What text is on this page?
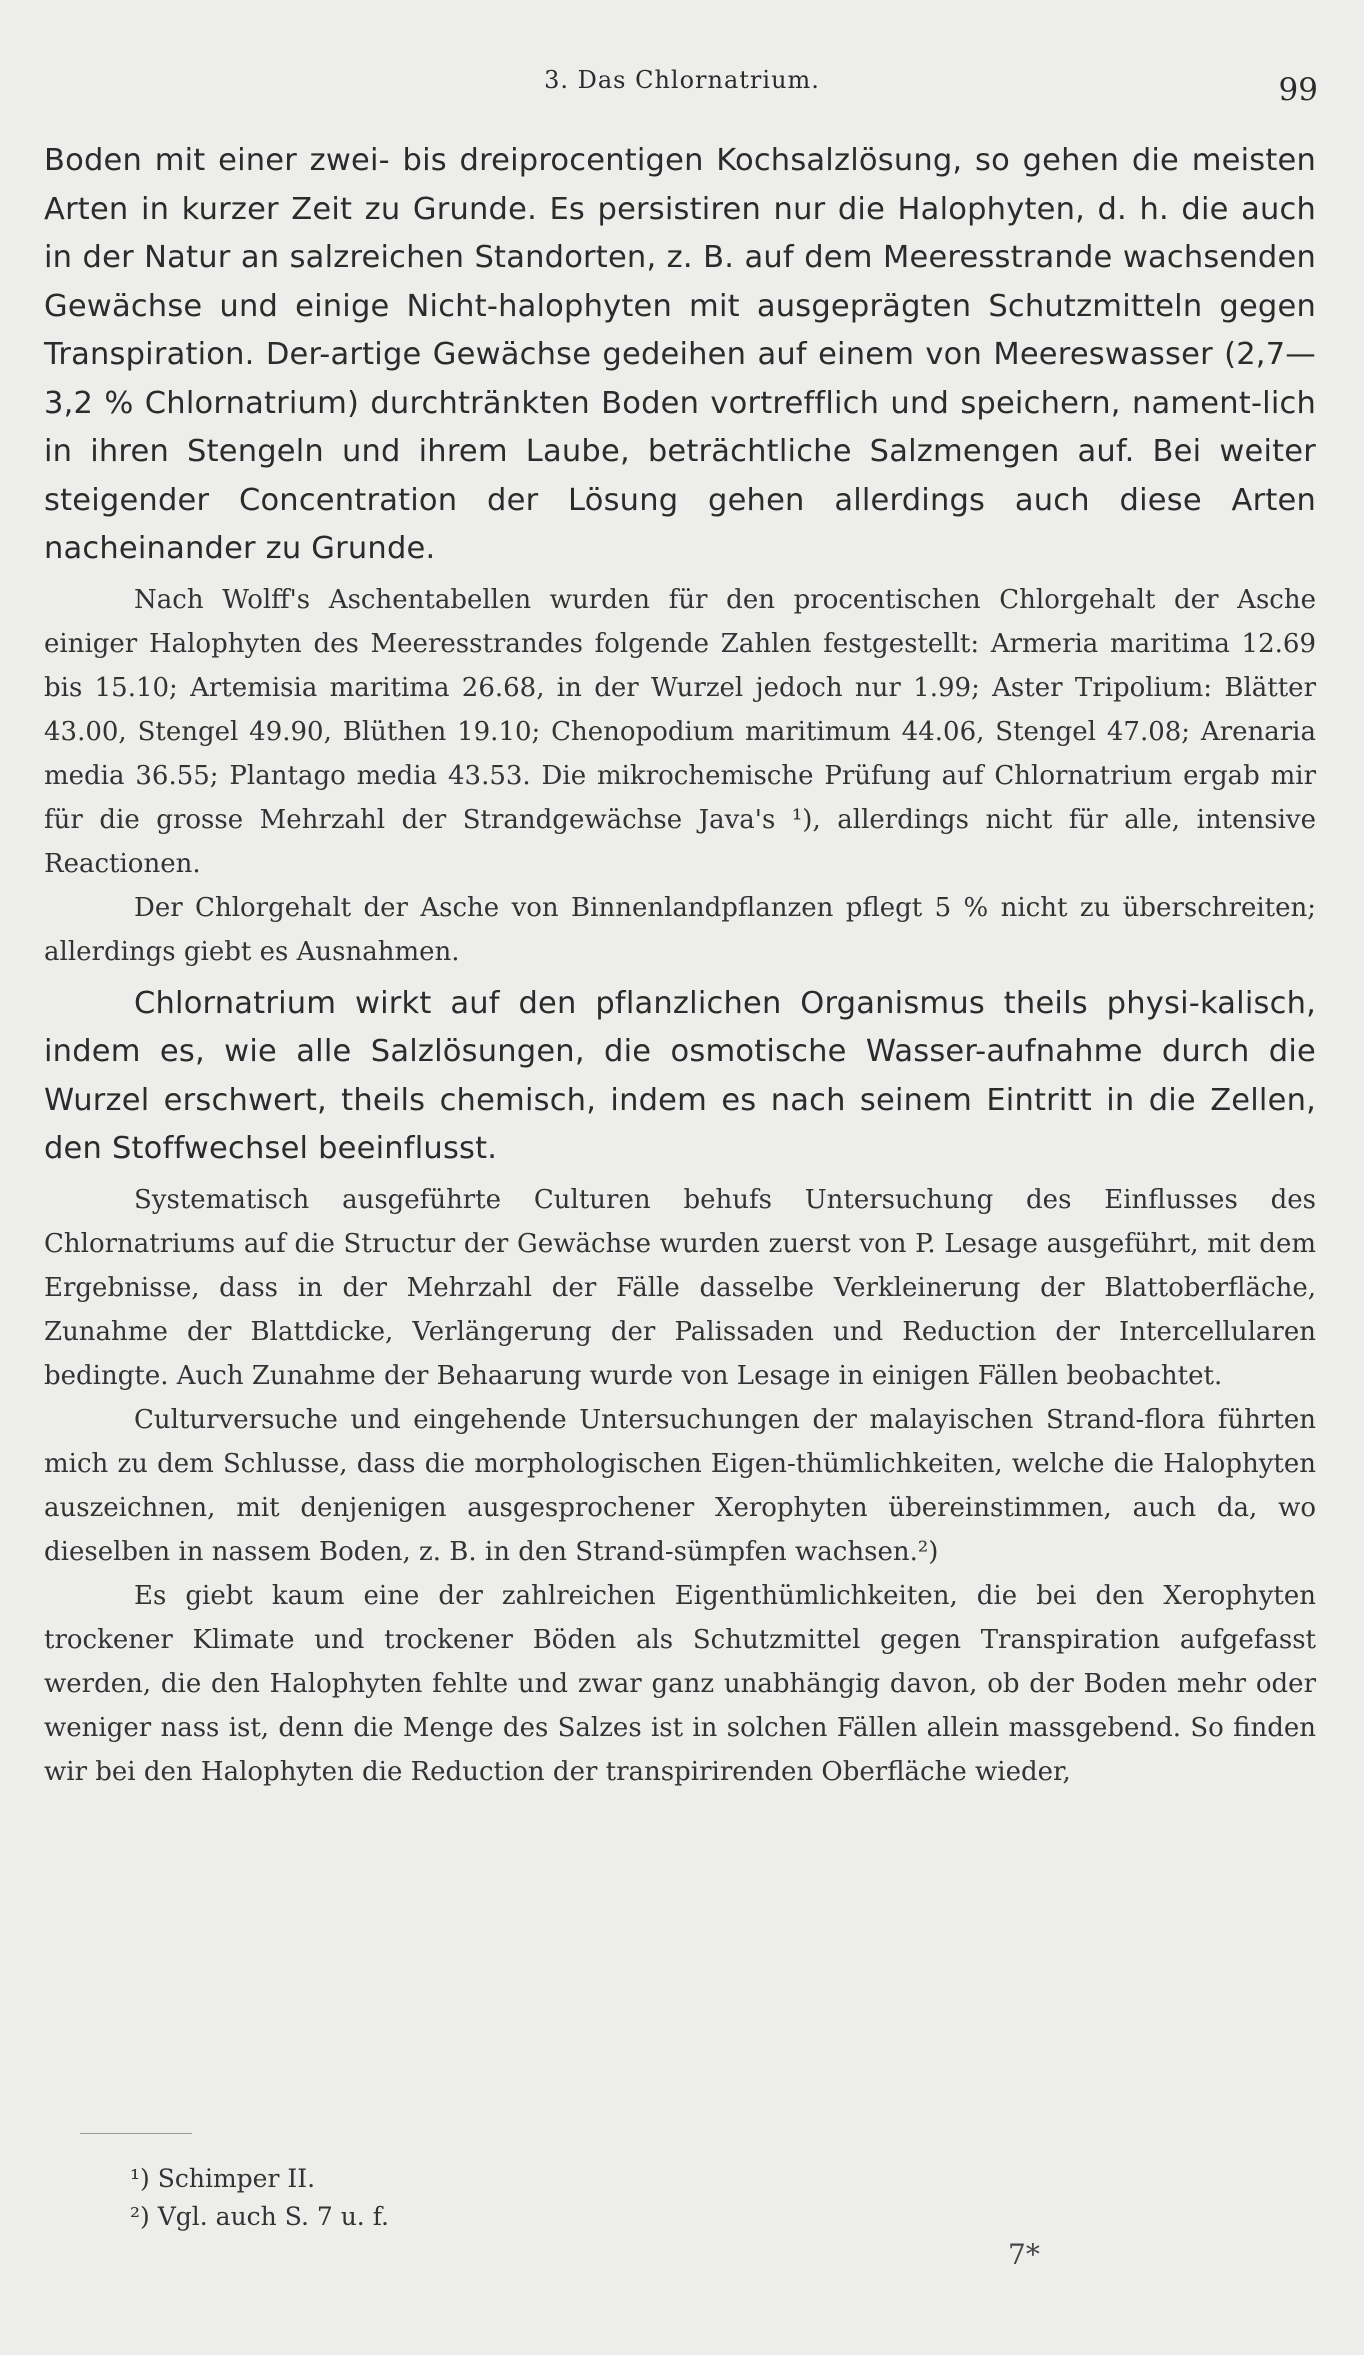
3. Das Chlornatrium.	99

Boden mit einer zwei- bis dreiprocentigen Kochsalzlösung, so gehen die meisten Arten in kurzer Zeit zu Grunde. Es persistiren nur die Halophyten, d. h. die auch in der Natur an salzreichen Standorten, z. B. auf dem Meeresstrande wachsenden Gewächse und einige Nicht-halophyten mit ausgeprägten Schutzmitteln gegen Transpiration. Der-artige Gewächse gedeihen auf einem von Meereswasser (2,7—3,2 % Chlornatrium) durchtränkten Boden vortrefflich und speichern, nament-lich in ihren Stengeln und ihrem Laube, beträchtliche Salzmengen auf. Bei weiter steigender Concentration der Lösung gehen allerdings auch diese Arten nacheinander zu Grunde.

Nach Wolff's Aschentabellen wurden für den procentischen Chlorgehalt der Asche einiger Halophyten des Meeresstrandes folgende Zahlen festgestellt: Armeria maritima 12.69 bis 15.10; Artemisia maritima 26.68, in der Wurzel jedoch nur 1.99; Aster Tripolium: Blätter 43.00, Stengel 49.90, Blüthen 19.10; Chenopodium maritimum 44.06, Stengel 47.08; Arenaria media 36.55; Plantago media 43.53. Die mikrochemische Prüfung auf Chlornatrium ergab mir für die grosse Mehrzahl der Strandgewächse Java's ¹), allerdings nicht für alle, intensive Reactionen.

Der Chlorgehalt der Asche von Binnenlandpflanzen pflegt 5 % nicht zu überschreiten; allerdings giebt es Ausnahmen.

Chlornatrium wirkt auf den pflanzlichen Organismus theils physi-kalisch, indem es, wie alle Salzlösungen, die osmotische Wasser-aufnahme durch die Wurzel erschwert, theils chemisch, indem es nach seinem Eintritt in die Zellen, den Stoffwechsel beeinflusst.

Systematisch ausgeführte Culturen behufs Untersuchung des Einflusses des Chlornatriums auf die Structur der Gewächse wurden zuerst von P. Lesage ausgeführt, mit dem Ergebnisse, dass in der Mehrzahl der Fälle dasselbe Verkleinerung der Blattoberfläche, Zunahme der Blattdicke, Verlängerung der Palissaden und Reduction der Intercellularen bedingte. Auch Zunahme der Behaarung wurde von Lesage in einigen Fällen beobachtet.

Culturversuche und eingehende Untersuchungen der malayischen Strand-flora führten mich zu dem Schlusse, dass die morphologischen Eigen-thümlichkeiten, welche die Halophyten auszeichnen, mit denjenigen ausgesprochener Xerophyten übereinstimmen, auch da, wo dieselben in nassem Boden, z. B. in den Strand-sümpfen wachsen.²)

Es giebt kaum eine der zahlreichen Eigenthümlichkeiten, die bei den Xerophyten trockener Klimate und trockener Böden als Schutzmittel gegen Transpiration aufgefasst werden, die den Halophyten fehlte und zwar ganz unabhängig davon, ob der Boden mehr oder weniger nass ist, denn die Menge des Salzes ist in solchen Fällen allein massgebend. So finden wir bei den Halophyten die Reduction der transpirirenden Oberfläche wieder,

¹) Schimper II.

²) Vgl. auch S. 7 u. f.

7*
